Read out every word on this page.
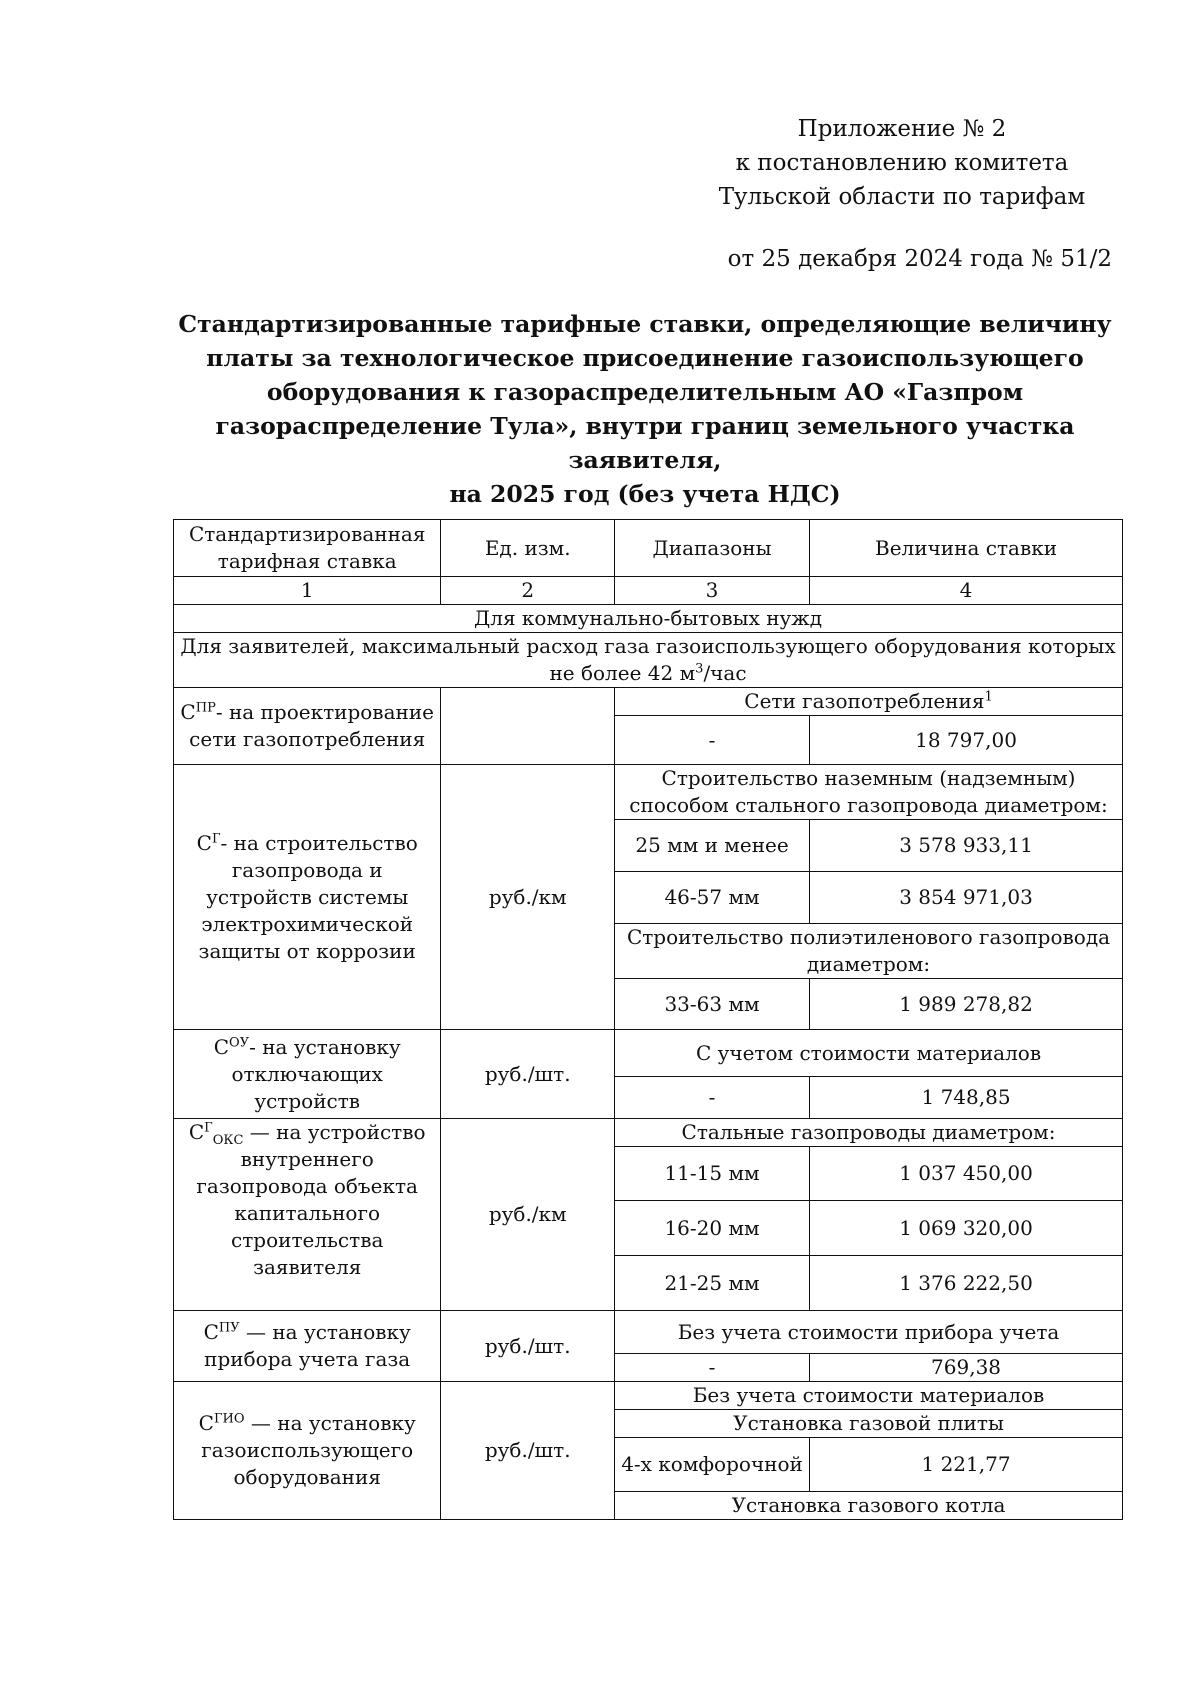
Приложение № 2
к постановлению комитета
Тульской области по тарифам
от 25 декабря 2024 года № 51/2
Стандартизированные тарифные ставки, определяющие величину
платы за технологическое присоединение газоиспользующего
оборудования к газораспределительным АО «Газпром
газораспределение Тула», внутри границ земельного участка заявителя,
на 2025 год (без учета НДС)
Стандартизированная тарифная ставка	Ед. изм.	Диапазоны	Величина ставки
1	2	3	4
Для коммунально-бытовых нужд			
Для заявителей, максимальный расход газа газоиспользующего оборудования которых не более 42 $м^3$/час			
$С^{ПР}-$ на проектирование сети газопотребления		Сети газопотребления$^1$
		-	18 797,00
$С^Г-$ на строительство газопровода и устройств системы электрохимической защиты от коррозии	руб./км	Строительство наземным (надземным) способом стального газопровода диаметром:	
		25 мм и менее	3 578 933,11
		46-57 мм	3 854 971,03
		Строительство полиэтиленового газопровода диаметром:	
		33-63 мм	1 989 278,82

$С^{ОУ}-$ на установку отключающих устройств	руб./шт.	С учетом стоимости материалов	
		-	1 748,85
$С^Г_{ОКС}$ — на устройство внутреннего газопровода объекта капитального строительства заявителя	руб./км	Стальные газопроводы диаметром:	
		11-15 мм	1 037 450,00
		16-20 мм	1 069 320,00
		21-25 мм	1 376 222,50
$С^{ПУ}$ — на установку прибора учета газа	руб./шт.	Без учета стоимости прибора учета	
		-	769,38
$С^{ГИО}$ — на установку газоиспользующего оборудования	руб./шт.	Без учета стоимости материалов	
		Установка газовой плиты	
		4-х комфорочной	1 221,77
		Установка газового котла	
